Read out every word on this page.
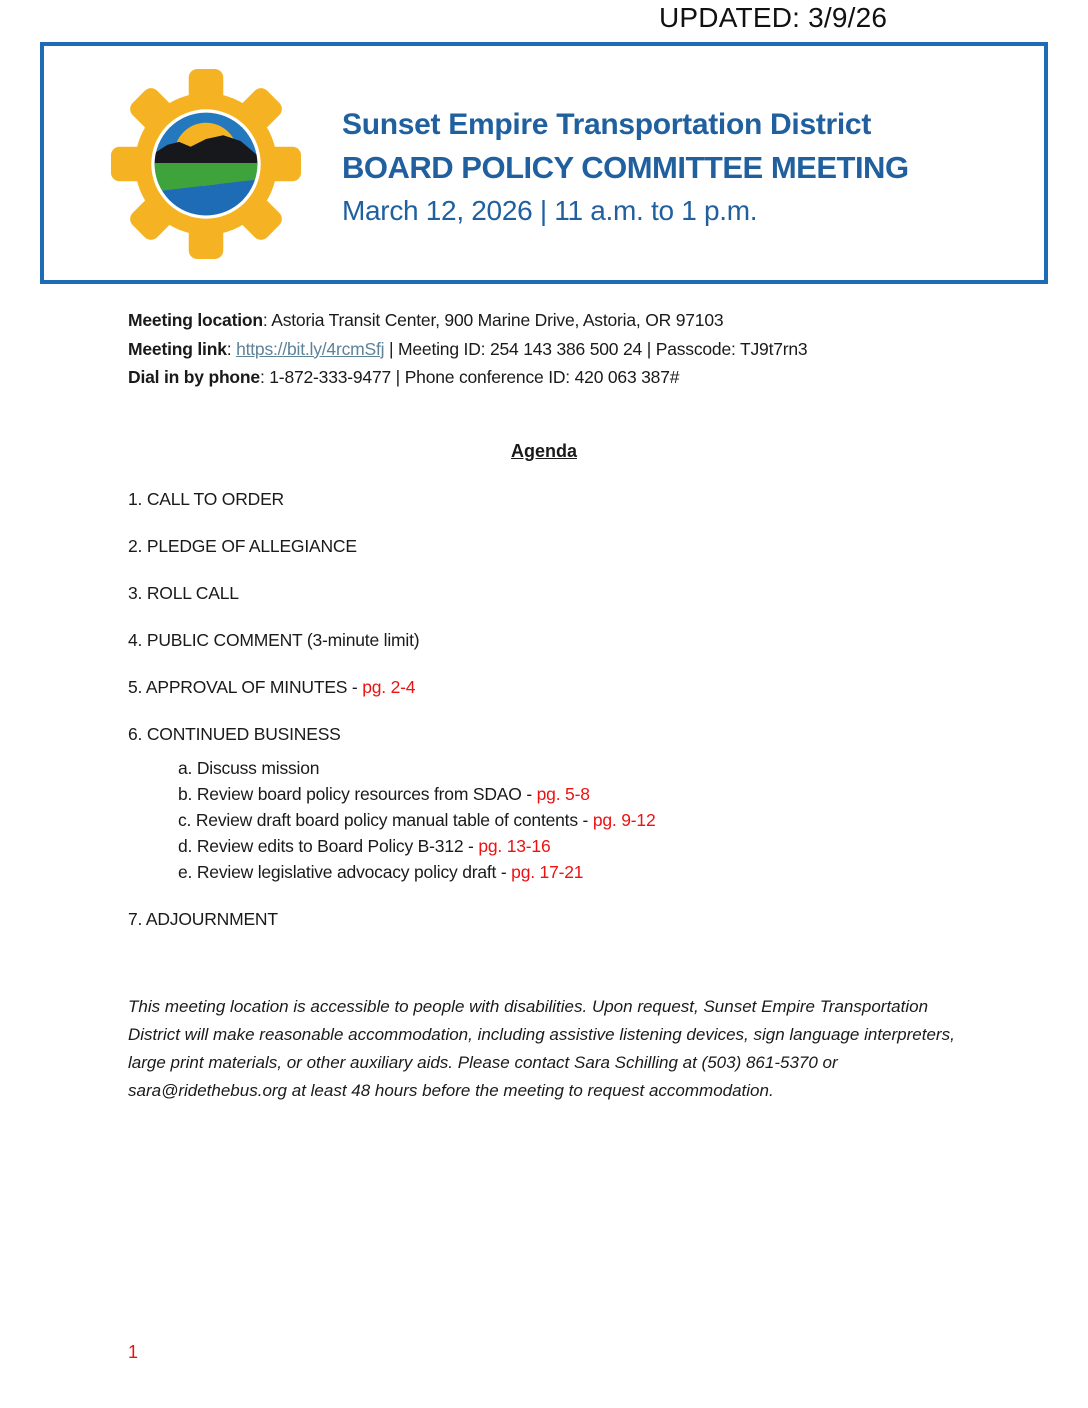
UPDATED: 3/9/26
Sunset Empire Transportation District
BOARD POLICY COMMITTEE MEETING
March 12, 2026 | 11 a.m. to 1 p.m.
Meeting location: Astoria Transit Center, 900 Marine Drive, Astoria, OR 97103
Meeting link: https://bit.ly/4rcmSfj | Meeting ID: 254 143 386 500 24 | Passcode: TJ9t7rn3
Dial in by phone: 1-872-333-9477 | Phone conference ID: 420 063 387#
Agenda
1. CALL TO ORDER
2. PLEDGE OF ALLEGIANCE
3. ROLL CALL
4. PUBLIC COMMENT (3-minute limit)
5. APPROVAL OF MINUTES - pg. 2-4
6. CONTINUED BUSINESS
a. Discuss mission
b. Review board policy resources from SDAO - pg. 5-8
c. Review draft board policy manual table of contents - pg. 9-12
d. Review edits to Board Policy B-312 - pg. 13-16
e. Review legislative advocacy policy draft - pg. 17-21
7. ADJOURNMENT
This meeting location is accessible to people with disabilities. Upon request, Sunset Empire Transportation District will make reasonable accommodation, including assistive listening devices, sign language interpreters, large print materials, or other auxiliary aids. Please contact Sara Schilling at (503) 861-5370 or sara@ridethebus.org at least 48 hours before the meeting to request accommodation.
1
